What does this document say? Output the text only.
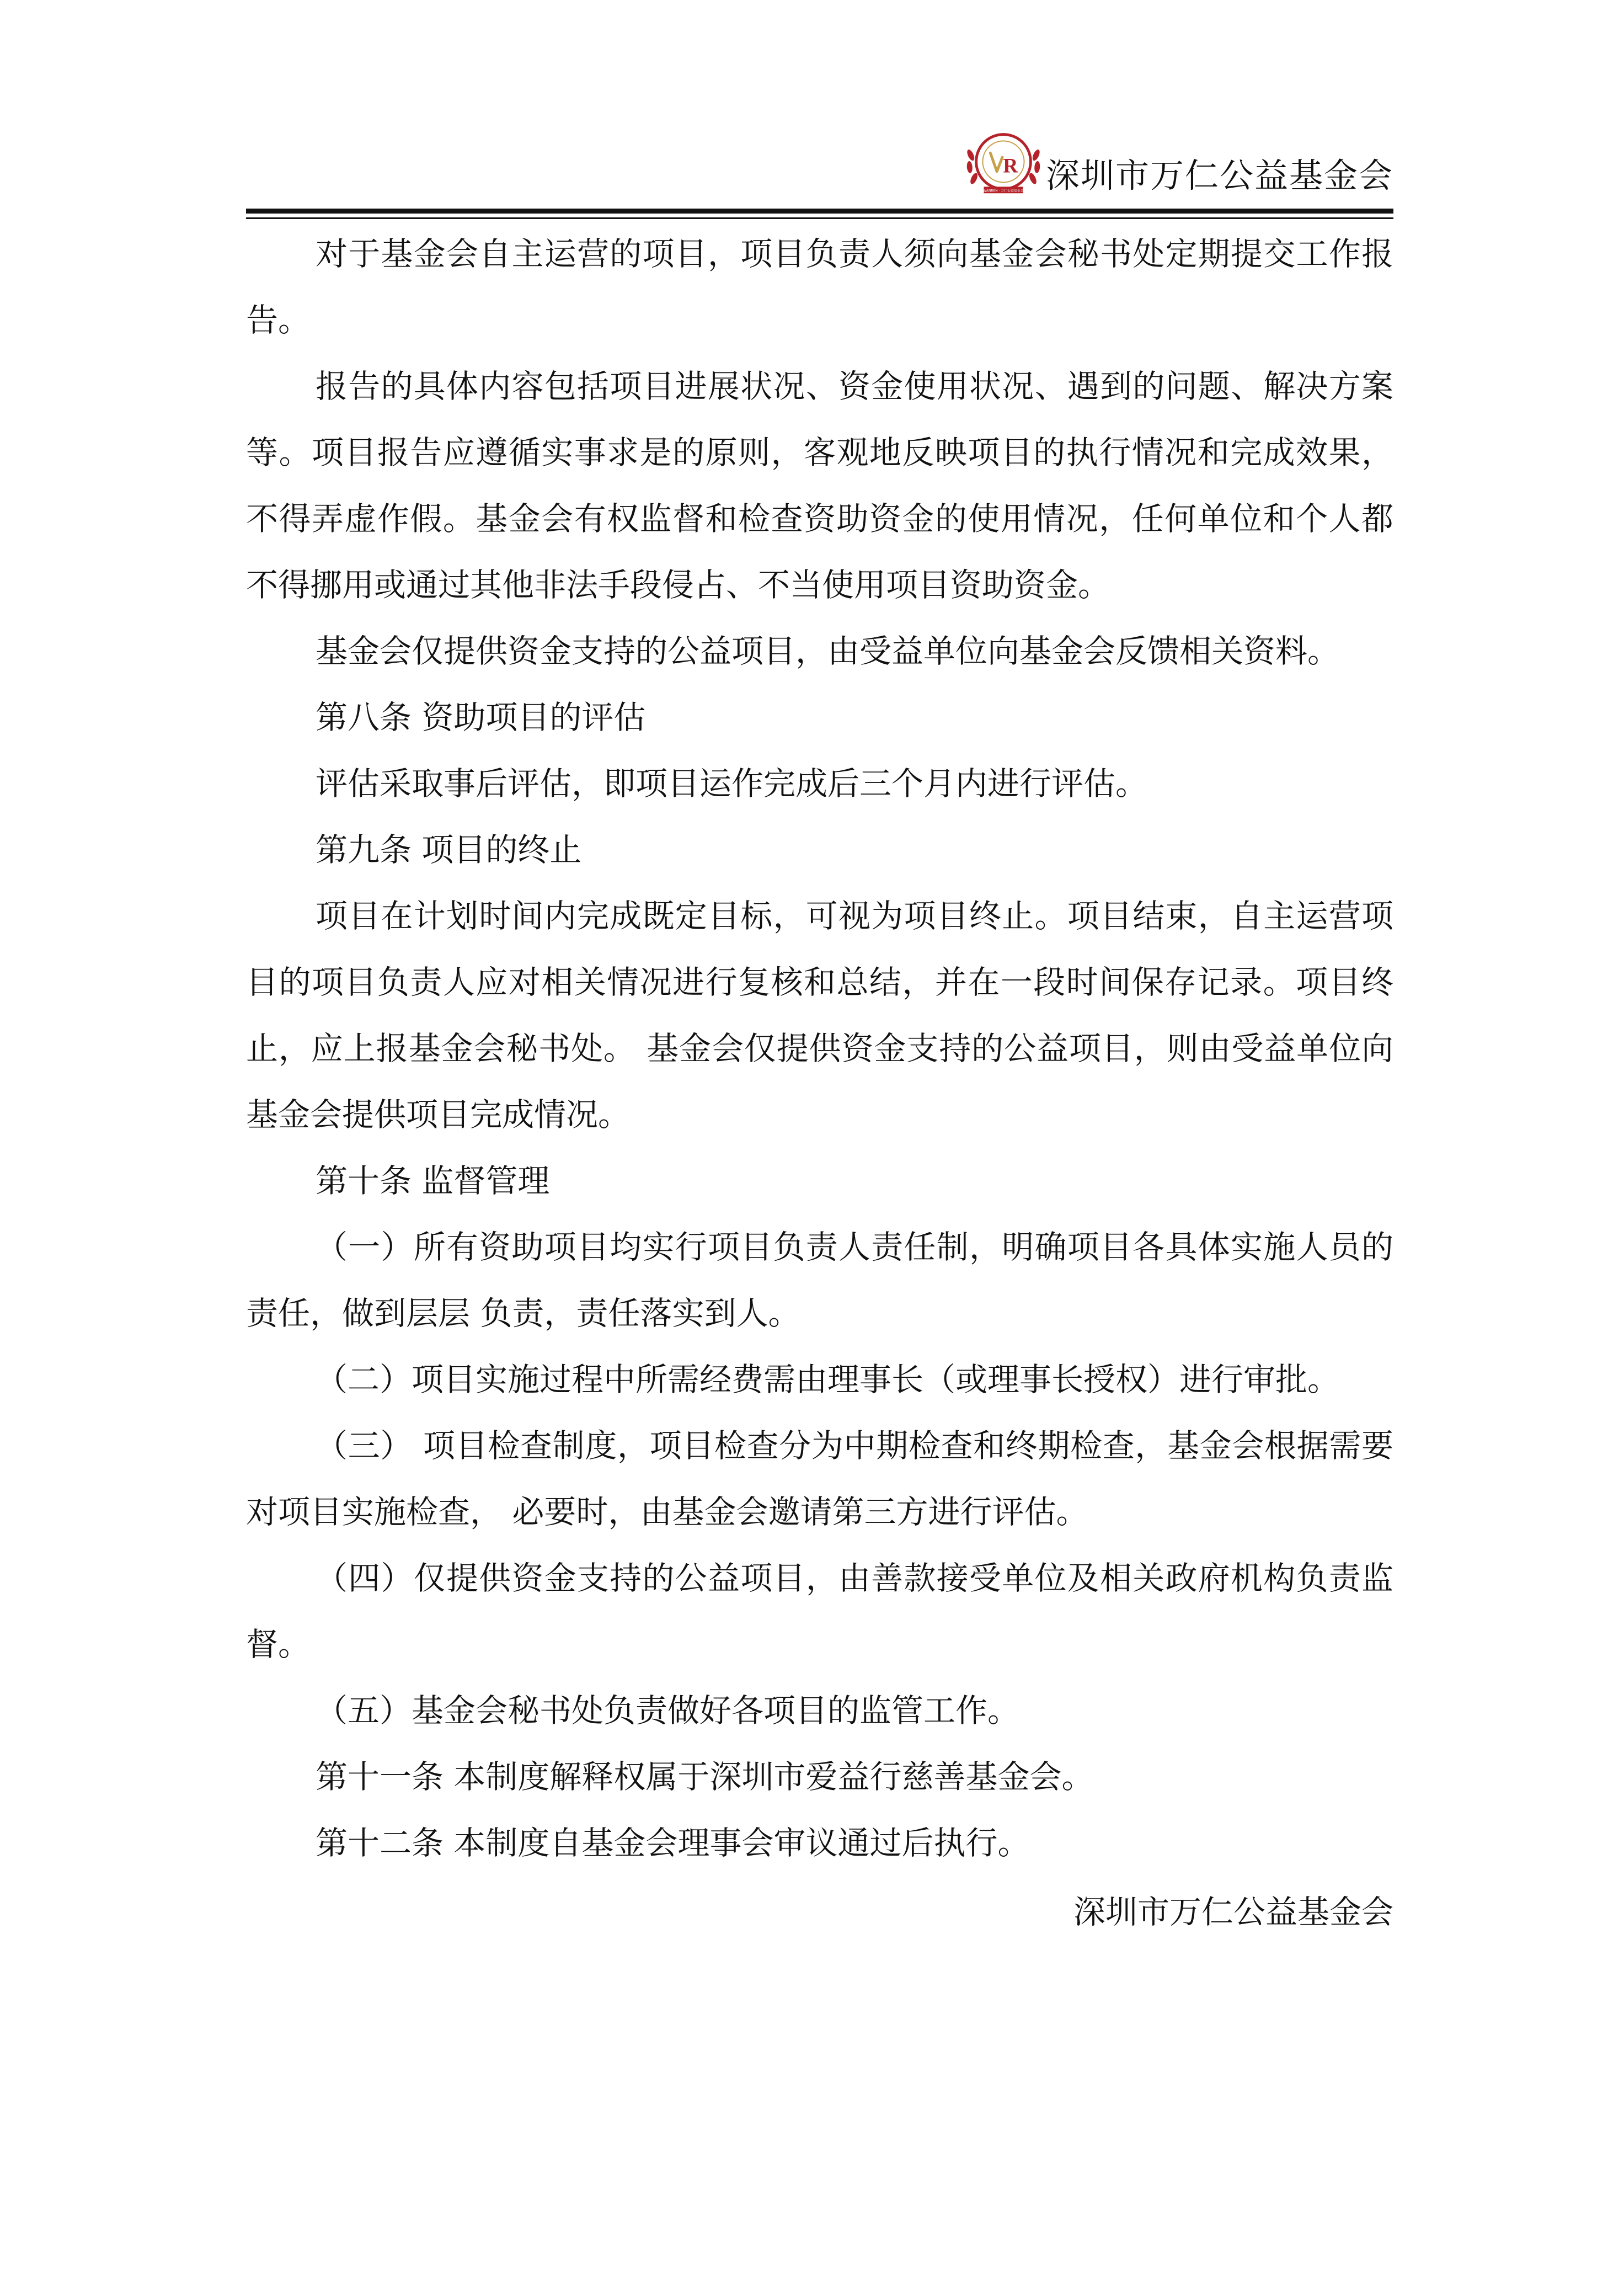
R
WANREN · 万仁公益基金会 深圳市万仁公益基金会

对于基金会自主运营的项目，项目负责人须向基金会秘书处定期提交工作报告。

报告的具体内容包括项目进展状况、资金使用状况、遇到的问题、解决方案等。项目报告应遵循实事求是的原则，客观地反映项目的执行情况和完成效果，不得弄虚作假。基金会有权监督和检查资助资金的使用情况，任何单位和个人都不得挪用或通过其他非法手段侵占、不当使用项目资助资金。

基金会仅提供资金支持的公益项目，由受益单位向基金会反馈相关资料。

第八条 资助项目的评估

评估采取事后评估，即项目运作完成后三个月内进行评估。

第九条 项目的终止

项目在计划时间内完成既定目标，可视为项目终止。项目结束，自主运营项目的项目负责人应对相关情况进行复核和总结，并在一段时间保存记录。项目终止，应上报基金会秘书处。 基金会仅提供资金支持的公益项目，则由受益单位向基金会提供项目完成情况。

第十条 监督管理

（一）所有资助项目均实行项目负责人责任制，明确项目各具体实施人员的责任，做到层层 负责，责任落实到人。

（二）项目实施过程中所需经费需由理事长（或理事长授权）进行审批。

（三） 项目检查制度，项目检查分为中期检查和终期检查，基金会根据需要对项目实施检查， 必要时，由基金会邀请第三方进行评估。

（四）仅提供资金支持的公益项目，由善款接受单位及相关政府机构负责监督。

（五）基金会秘书处负责做好各项目的监管工作。

第十一条 本制度解释权属于深圳市爱益行慈善基金会。

第十二条 本制度自基金会理事会审议通过后执行。

深圳市万仁公益基金会
